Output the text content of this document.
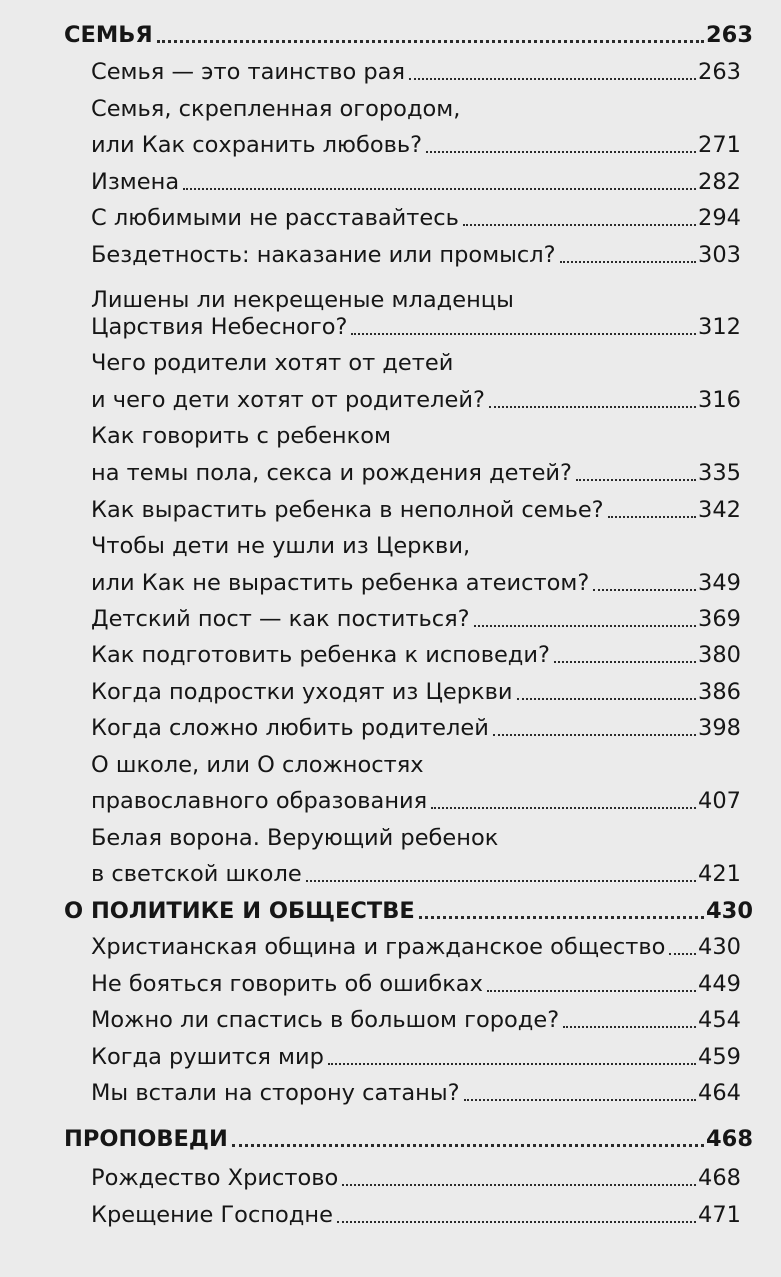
СЕМЬЯ	263
Семья — это таинство рая	263
Семья, скрепленная огородом,
или Как сохранить любовь?	271
Измена	282
С любимыми не расставайтесь	294
Бездетность: наказание или промысл?	303
Лишены ли некрещеные младенцы
Царствия Небесного?	312
Чего родители хотят от детей
и чего дети хотят от родителей?	316
Как говорить с ребенком
на темы пола, секса и рождения детей?	335
Как вырастить ребенка в неполной семье?	342
Чтобы дети не ушли из Церкви,
или Как не вырастить ребенка атеистом?	349
Детский пост — как поститься?	369
Как подготовить ребенка к исповеди?	380
Когда подростки уходят из Церкви	386
Когда сложно любить родителей	398
О школе, или О сложностях
православного образования	407
Белая ворона. Верующий ребенок
в светской школе	421
О ПОЛИТИКЕ И ОБЩЕСТВЕ	430
Христианская община и гражданское общество 430
Не бояться говорить об ошибках	449
Можно ли спастись в большом городе?	454
Когда рушится мир	459
Мы встали на сторону сатаны?	464
ПРОПОВЕДИ	468
Рождество Христово	468
Крещение Господне	471
